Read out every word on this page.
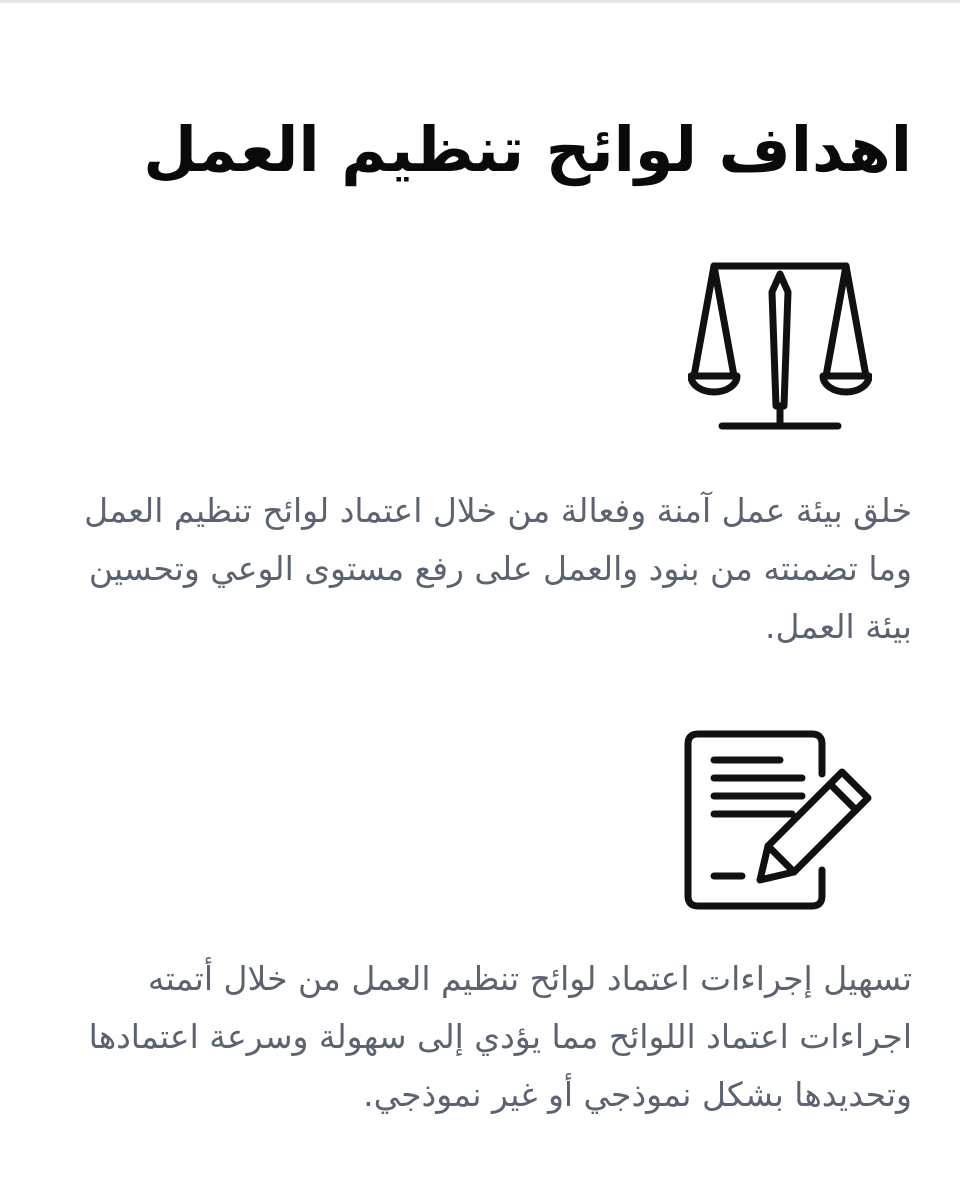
اهداف لوائح تنظيم العمل

خلق بيئة عمل آمنة وفعالة من خلال اعتماد لوائح تنظيم العمل وما تضمنته من بنود والعمل على رفع مستوى الوعي وتحسين بيئة العمل.

تسهيل إجراءات اعتماد لوائح تنظيم العمل من خلال أتمته اجراءات اعتماد اللوائح مما يؤدي إلى سهولة وسرعة اعتمادها وتحديدها بشكل نموذجي أو غير نموذجي.
